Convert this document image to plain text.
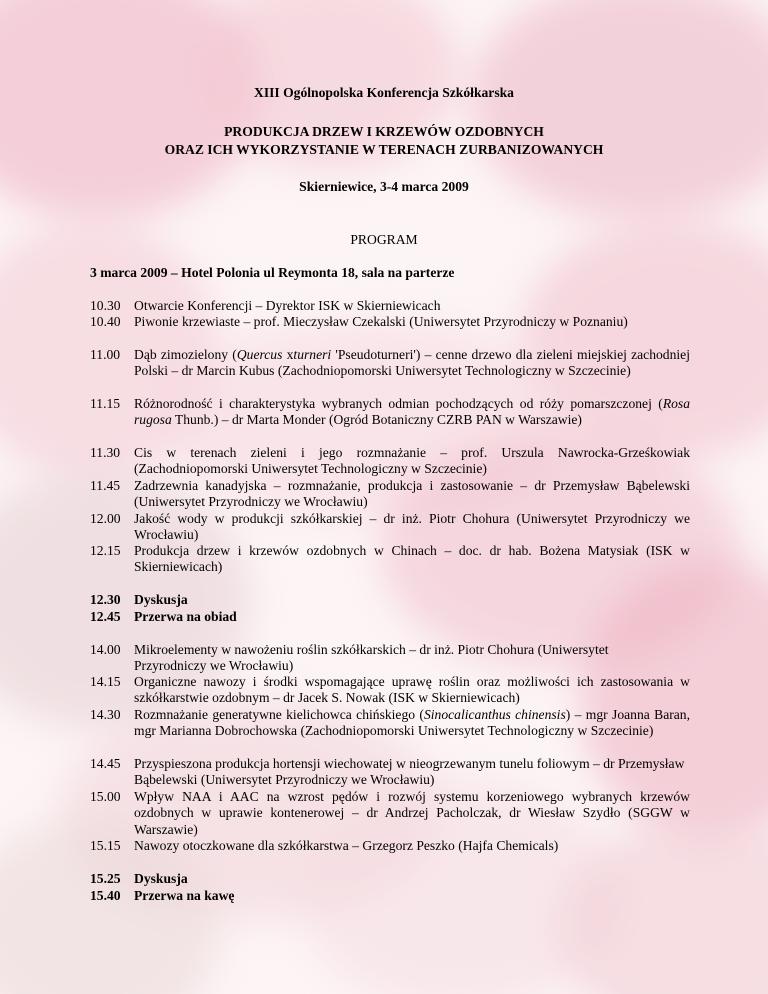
XIII Ogólnopolska Konferencja Szkółkarska
PRODUKCJA DRZEW I KRZEWÓW OZDOBNYCH
ORAZ ICH WYKORZYSTANIE W TERENACH ZURBANIZOWANYCH
Skierniewice, 3-4 marca 2009
PROGRAM
3 marca 2009 – Hotel Polonia ul Reymonta 18, sala na parterze
10.30 Otwarcie Konferencji – Dyrektor ISK w Skierniewicach
10.40 Piwonie krzewiaste – prof. Mieczysław Czekalski (Uniwersytet Przyrodniczy w Poznaniu)
11.00	Dąb zimozielony (Quercus xturneri 'Pseudoturneri') – cenne drzewo dla zieleni miejskiej zachodniej Polski – dr Marcin Kubus (Zachodniopomorski Uniwersytet Technologiczny w Szczecinie)
11.15	Różnorodność i charakterystyka wybranych odmian pochodzących od róży pomarszczonej (Rosa rugosa Thunb.) – dr Marta Monder (Ogród Botaniczny CZRB PAN w Warszawie)
11.30	Cis w terenach zieleni i jego rozmnażanie – prof. Urszula Nawrocka-Grześkowiak (Zachodniopomorski Uniwersytet Technologiczny w Szczecinie)
11.45	Zadrzewnia kanadyjska – rozmnażanie, produkcja i zastosowanie – dr Przemysław Bąbelewski (Uniwersytet Przyrodniczy we Wrocławiu)
12.00 Jakość wody w produkcji szkółkarskiej – dr inż. Piotr Chohura (Uniwersytet Przyrodniczy we Wrocławiu)
12.15 Produkcja drzew i krzewów ozdobnych w Chinach – doc. dr hab. Bożena Matysiak (ISK w Skierniewicach)
12.30 Dyskusja
12.45 Przerwa na obiad
14.00 Mikroelementy w nawożeniu roślin szkółkarskich – dr inż. Piotr Chohura (Uniwersytet Przyrodniczy we Wrocławiu)
14.15 Organiczne nawozy i środki wspomagające uprawę roślin oraz możliwości ich zastosowania w szkółkarstwie ozdobnym – dr Jacek S. Nowak (ISK w Skierniewicach)
14.30 Rozmnażanie generatywne kielichowca chińskiego (Sinocalicanthus chinensis) – mgr Joanna Baran, mgr Marianna Dobrochowska (Zachodniopomorski Uniwersytet Technologiczny w Szczecinie)
14.45 Przyspieszona produkcja hortensji wiechowatej w nieogrzewanym tunelu foliowym – dr Przemysław Bąbelewski (Uniwersytet Przyrodniczy we Wrocławiu)
15.00 Wpływ NAA i AAC na wzrost pędów i rozwój systemu korzeniowego wybranych krzewów ozdobnych w uprawie kontenerowej – dr Andrzej Pacholczak, dr Wiesław Szydło (SGGW w Warszawie)
15.15 Nawozy otoczkowane dla szkółkarstwa – Grzegorz Peszko (Hajfa Chemicals)
15.25 Dyskusja
15.40 Przerwa na kawę
